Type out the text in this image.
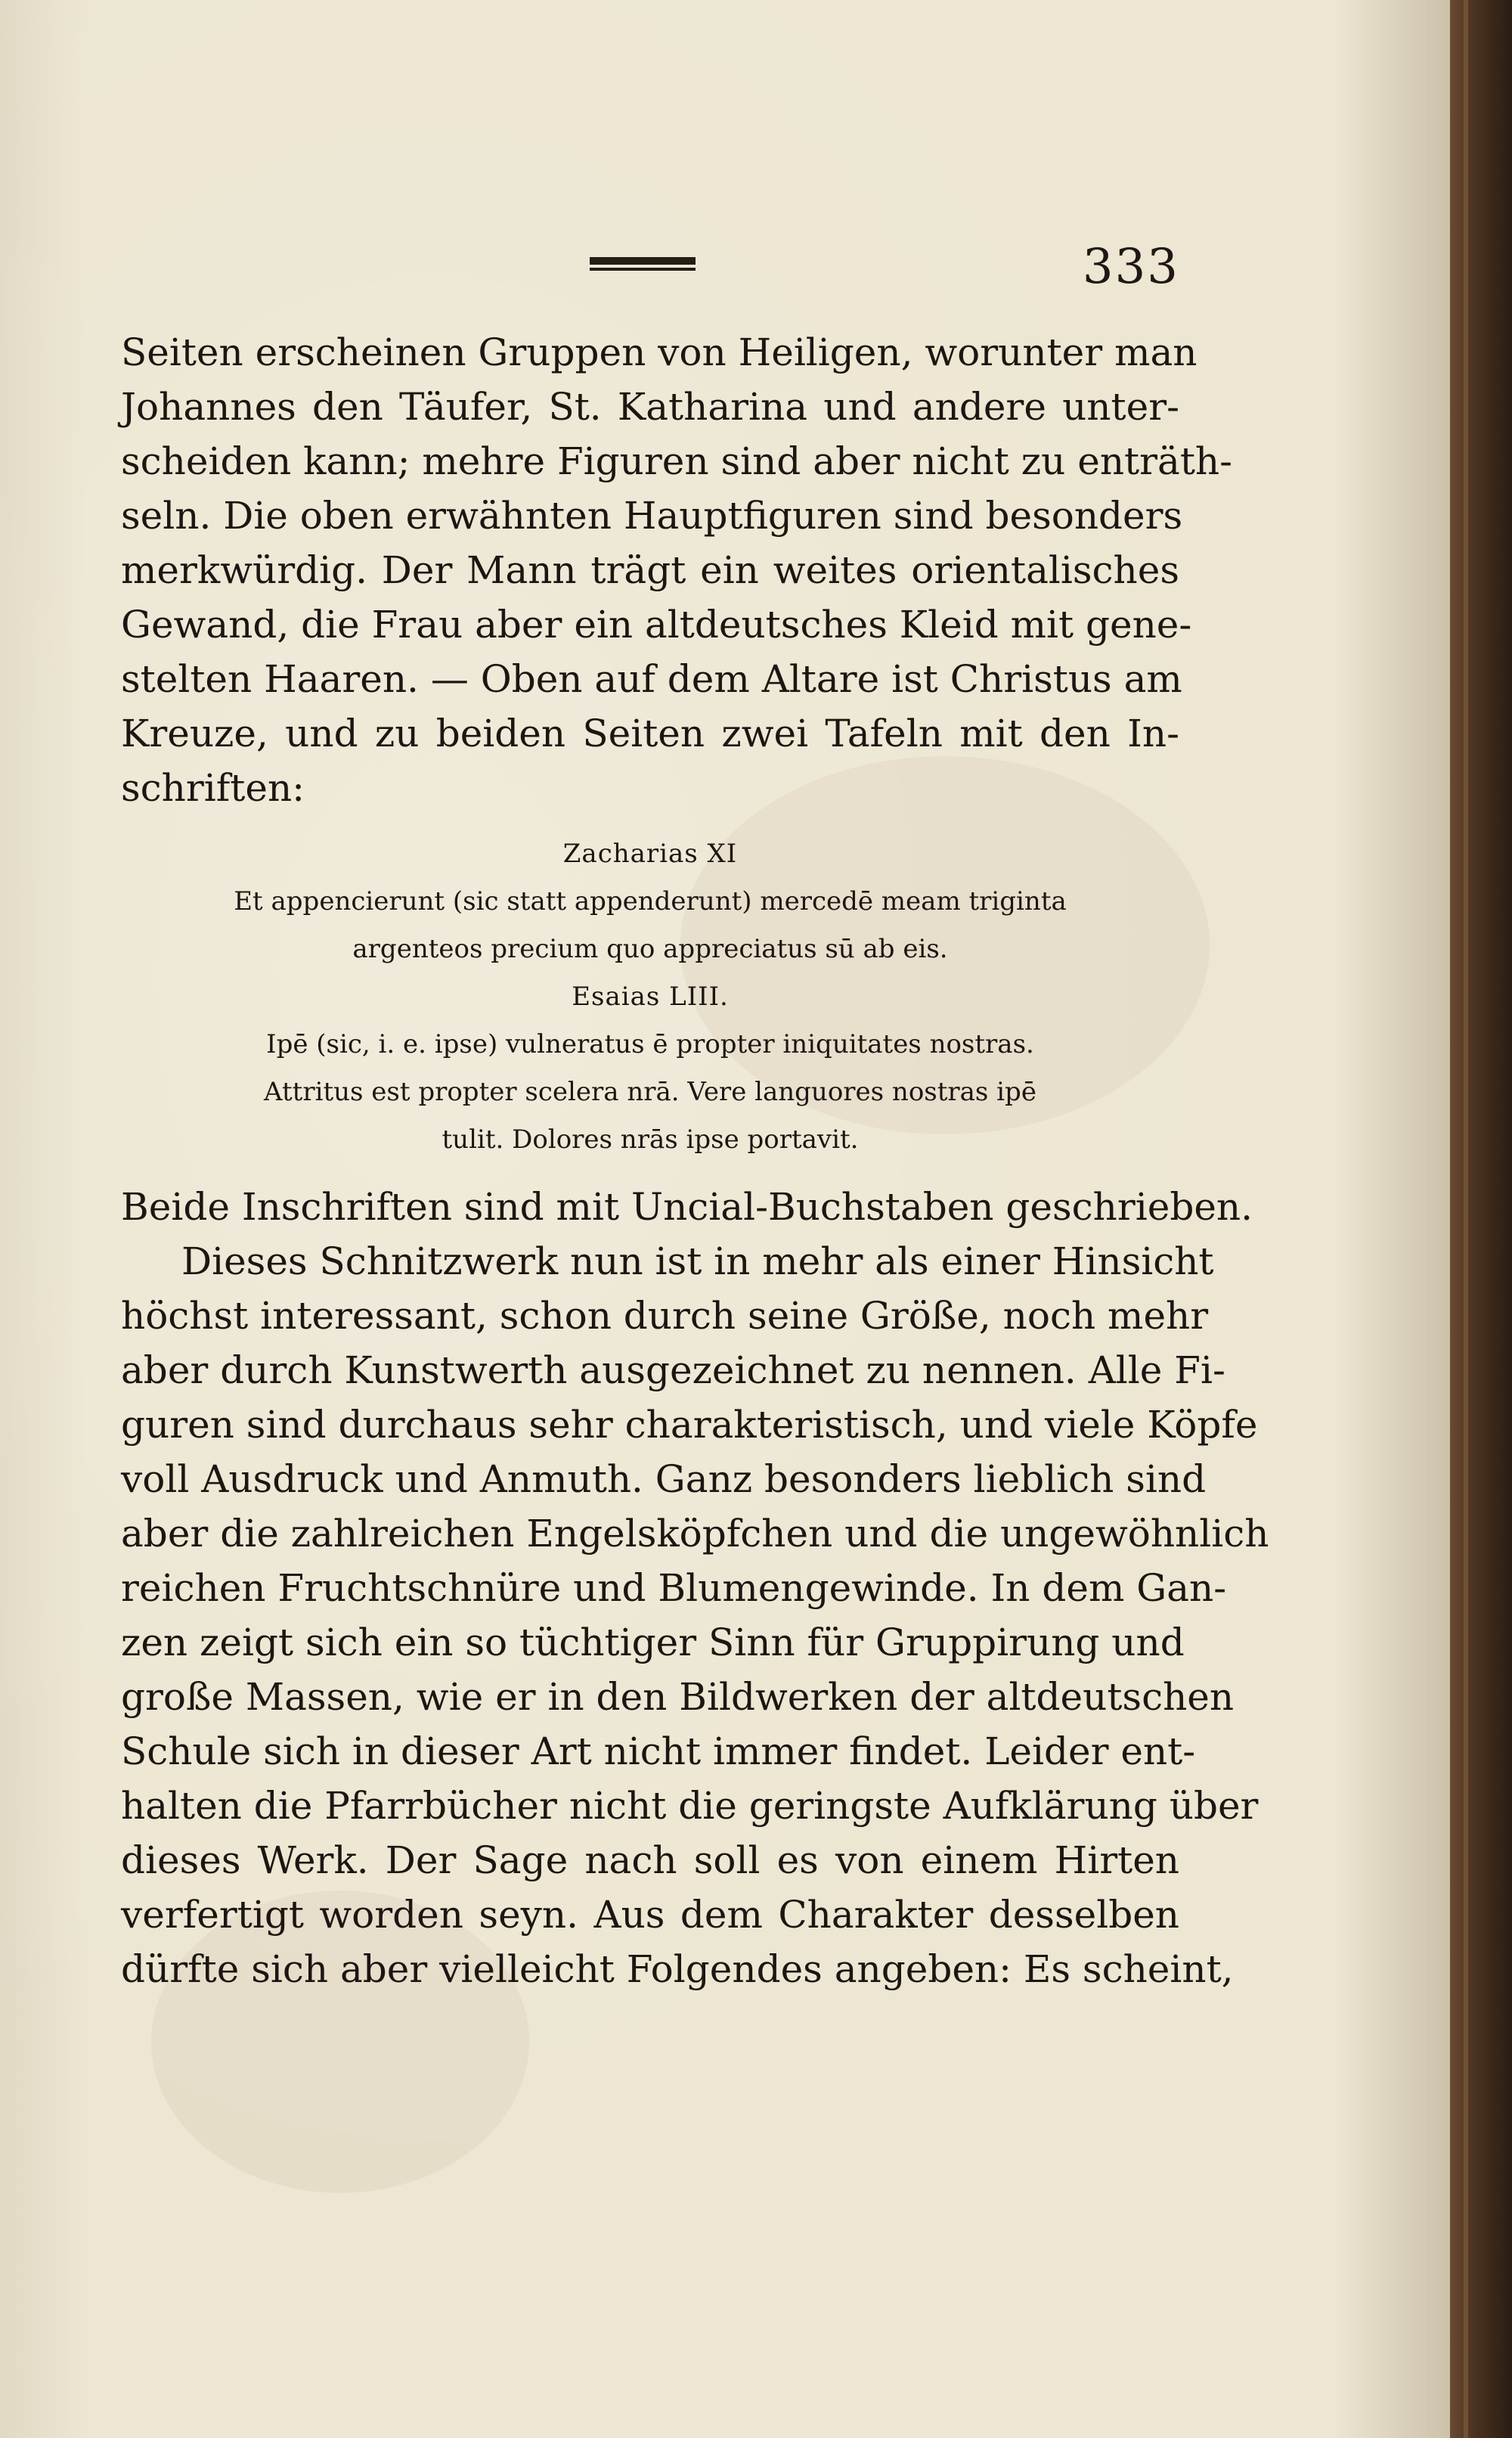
333
Seiten erscheinen Gruppen von Heiligen, worunter man
Johannes den Täufer, St. Katharina und andere unter-
scheiden kann; mehre Figuren sind aber nicht zu enträth-
seln. Die oben erwähnten Hauptfiguren sind besonders
merkwürdig. Der Mann trägt ein weites orientalisches
Gewand, die Frau aber ein altdeutsches Kleid mit gene-
stelten Haaren. — Oben auf dem Altare ist Christus am
Kreuze, und zu beiden Seiten zwei Tafeln mit den In-
schriften:
Zacharias XI
Et appencierunt (sic statt appenderunt) mercedē meam triginta
argenteos precium quo appreciatus sū ab eis.
Esaias LIII.
Ipē (sic, i. e. ipse) vulneratus ē propter iniquitates nostras.
Attritus est propter scelera nrā. Vere languores nostras ipē
tulit. Dolores nrās ipse portavit.
Beide Inschriften sind mit Uncial-Buchstaben geschrieben.
Dieses Schnitzwerk nun ist in mehr als einer Hinsicht
höchst interessant, schon durch seine Größe, noch mehr
aber durch Kunstwerth ausgezeichnet zu nennen. Alle Fi-
guren sind durchaus sehr charakteristisch, und viele Köpfe
voll Ausdruck und Anmuth. Ganz besonders lieblich sind
aber die zahlreichen Engelsköpfchen und die ungewöhnlich
reichen Fruchtschnüre und Blumengewinde. In dem Gan-
zen zeigt sich ein so tüchtiger Sinn für Gruppirung und
große Massen, wie er in den Bildwerken der altdeutschen
Schule sich in dieser Art nicht immer findet. Leider ent-
halten die Pfarrbücher nicht die geringste Aufklärung über
dieses Werk. Der Sage nach soll es von einem Hirten
verfertigt worden seyn. Aus dem Charakter desselben
dürfte sich aber vielleicht Folgendes angeben: Es scheint,
